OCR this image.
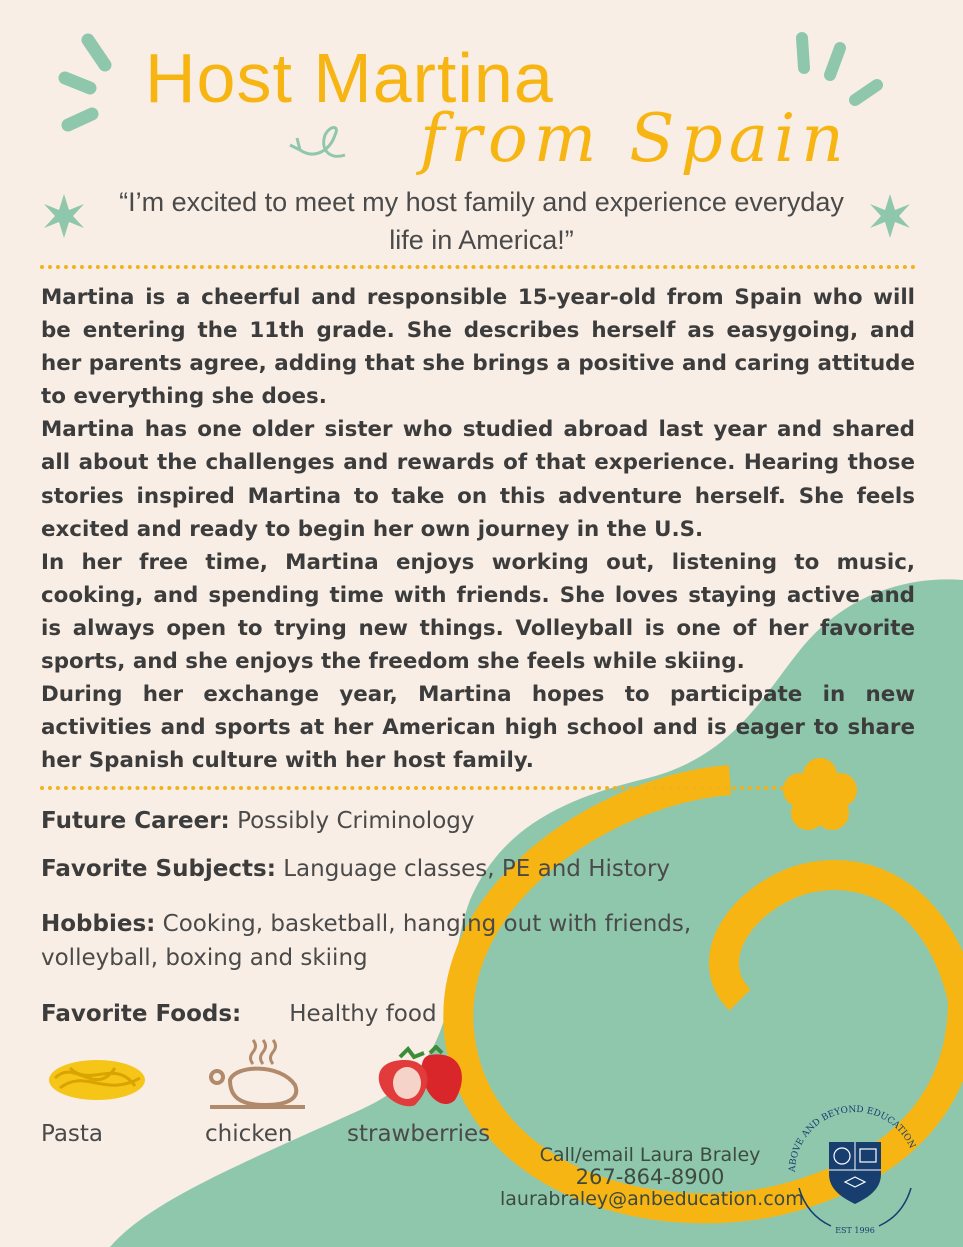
Host Martina
from Spain
“I’m excited to meet my host family and experience everyday life in America!”

Martina is a cheerful and responsible 15-year-old from Spain who will be entering the 11th grade. She describes herself as easygoing, and her parents agree, adding that she brings a positive and caring attitude to everything she does.

Martina has one older sister who studied abroad last year and shared all about the challenges and rewards of that experience. Hearing those stories inspired Martina to take on this adventure herself. She feels excited and ready to begin her own journey in the U.S.

In her free time, Martina enjoys working out, listening to music, cooking, and spending time with friends. She loves staying active and is always open to trying new things. Volleyball is one of her favorite sports, and she enjoys the freedom she feels while skiing.

During her exchange year, Martina hopes to participate in new activities and sports at her American high school and is eager to share her Spanish culture with her host family.

Future Career: Possibly Criminology
Favorite Subjects: Language classes, PE and History
Hobbies: Cooking, basketball, hanging out with friends,
volleyball, boxing and skiing
Favorite Foods: Healthy food
Pasta	chicken strawberries
Call/email Laura Braley
267-864-8900
laurabraley@anbeducation.com
ABOVE AND BEYOND EDUCATION
EST 1996
